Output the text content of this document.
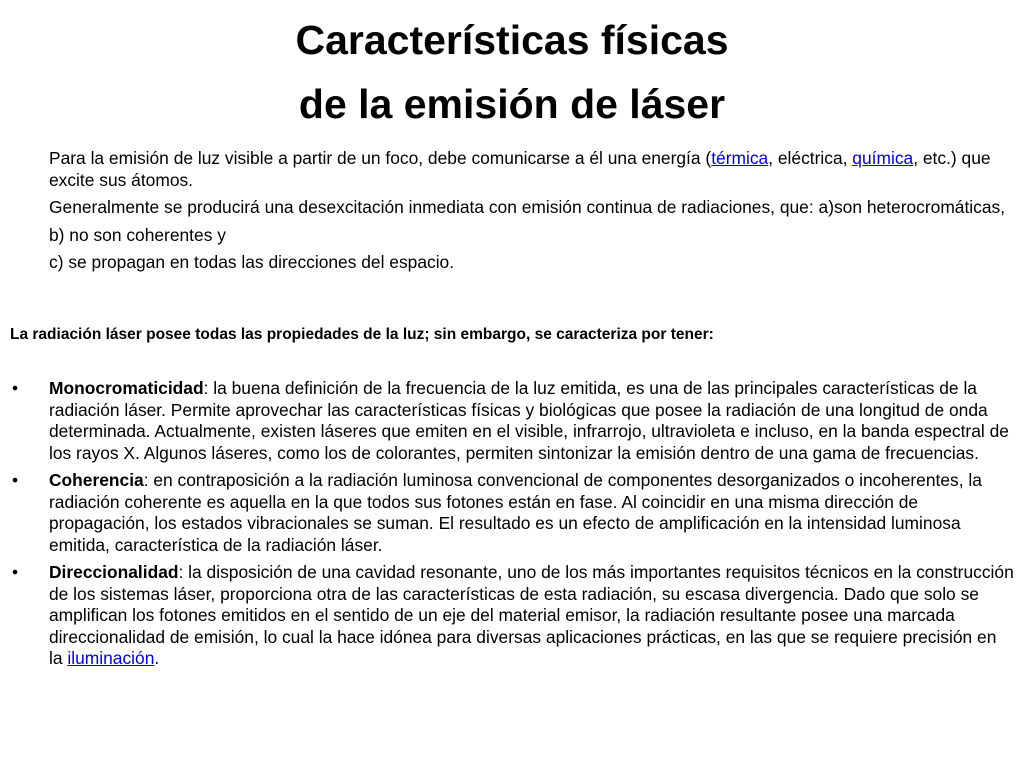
Características físicas
de la emisión de láser

Para la emisión de luz visible a partir de un foco, debe comunicarse a él una energía (térmica, eléctrica, química, etc.) que excite sus átomos.

Generalmente se producirá una desexcitación inmediata con emisión continua de radiaciones, que: a)son heterocromáticas,

b) no son coherentes y

c) se propagan en todas las direcciones del espacio.

La radiación láser posee todas las propiedades de la luz; sin embargo, se caracteriza por tener:
• Monocromaticidad: la buena definición de la frecuencia de la luz emitida, es una de las principales características de la radiación láser. Permite aprovechar las características físicas y biológicas que posee la radiación de una longitud de onda determinada. Actualmente, existen láseres que emiten en el visible, infrarrojo, ultravioleta e incluso, en la banda espectral de los rayos X. Algunos láseres, como los de colorantes, permiten sintonizar la emisión dentro de una gama de frecuencias.
• Coherencia: en contraposición a la radiación luminosa convencional de componentes desorganizados o incoherentes, la radiación coherente es aquella en la que todos sus fotones están en fase. Al coincidir en una misma dirección de propagación, los estados vibracionales se suman. El resultado es un efecto de amplificación en la intensidad luminosa emitida, característica de la radiación láser.
• Direccionalidad: la disposición de una cavidad resonante, uno de los más importantes requisitos técnicos en la construcción de los sistemas láser, proporciona otra de las características de esta radiación, su escasa divergencia. Dado que solo se amplifican los fotones emitidos en el sentido de un eje del material emisor, la radiación resultante posee una marcada direccionalidad de emisión, lo cual la hace idónea para diversas aplicaciones prácticas, en las que se requiere precisión en la iluminación.
